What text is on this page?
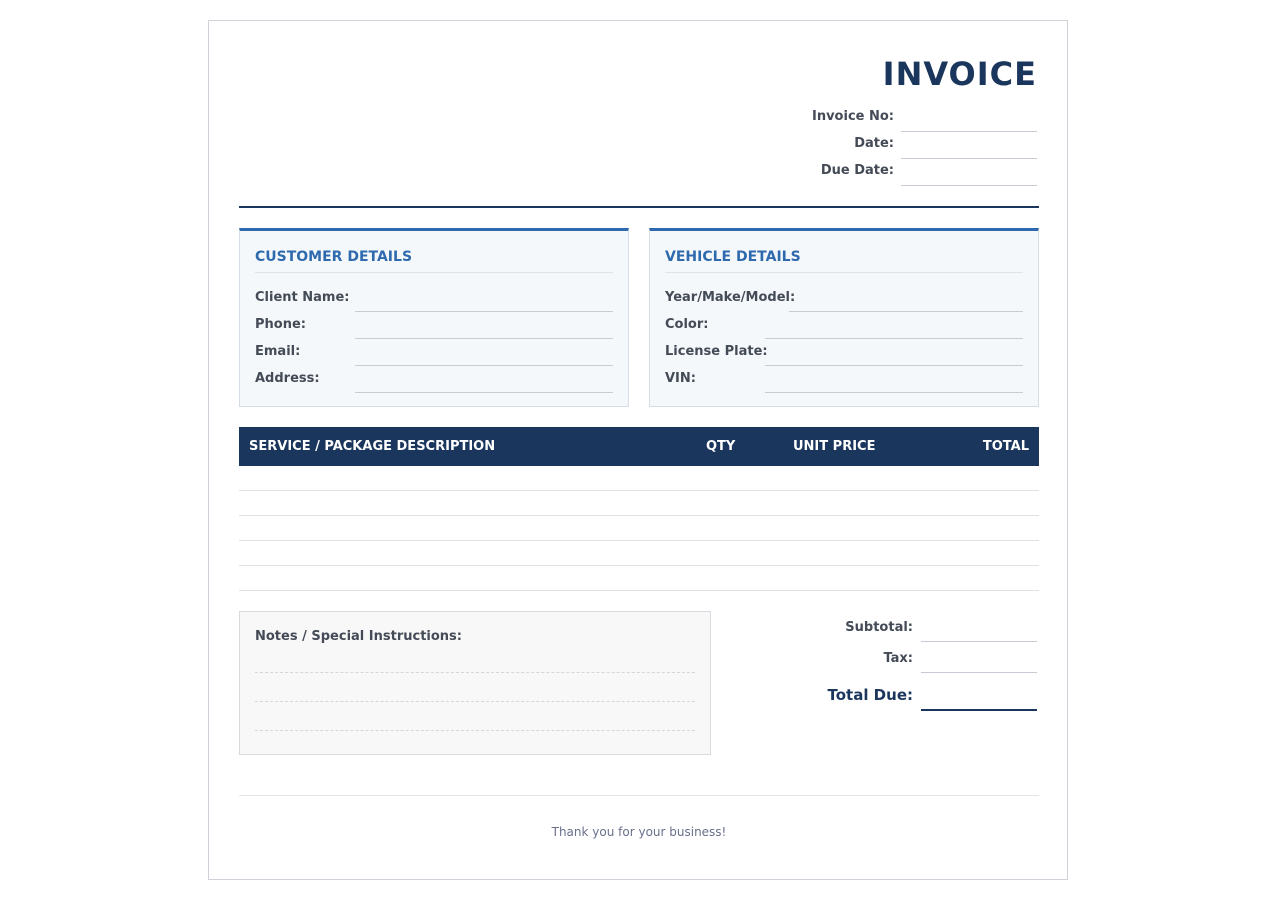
INVOICE
Invoice No:
Date:
Due Date:
CUSTOMER DETAILS
Client Name:
Phone:
Email:
Address:
VEHICLE DETAILS
Year/Make/Model:
Color:
License Plate:
VIN:
SERVICE / PACKAGE DESCRIPTION	QTY	UNIT PRICE	TOTAL
Notes / Special Instructions:
Subtotal:
Tax:
Total Due:
Thank you for your business!
